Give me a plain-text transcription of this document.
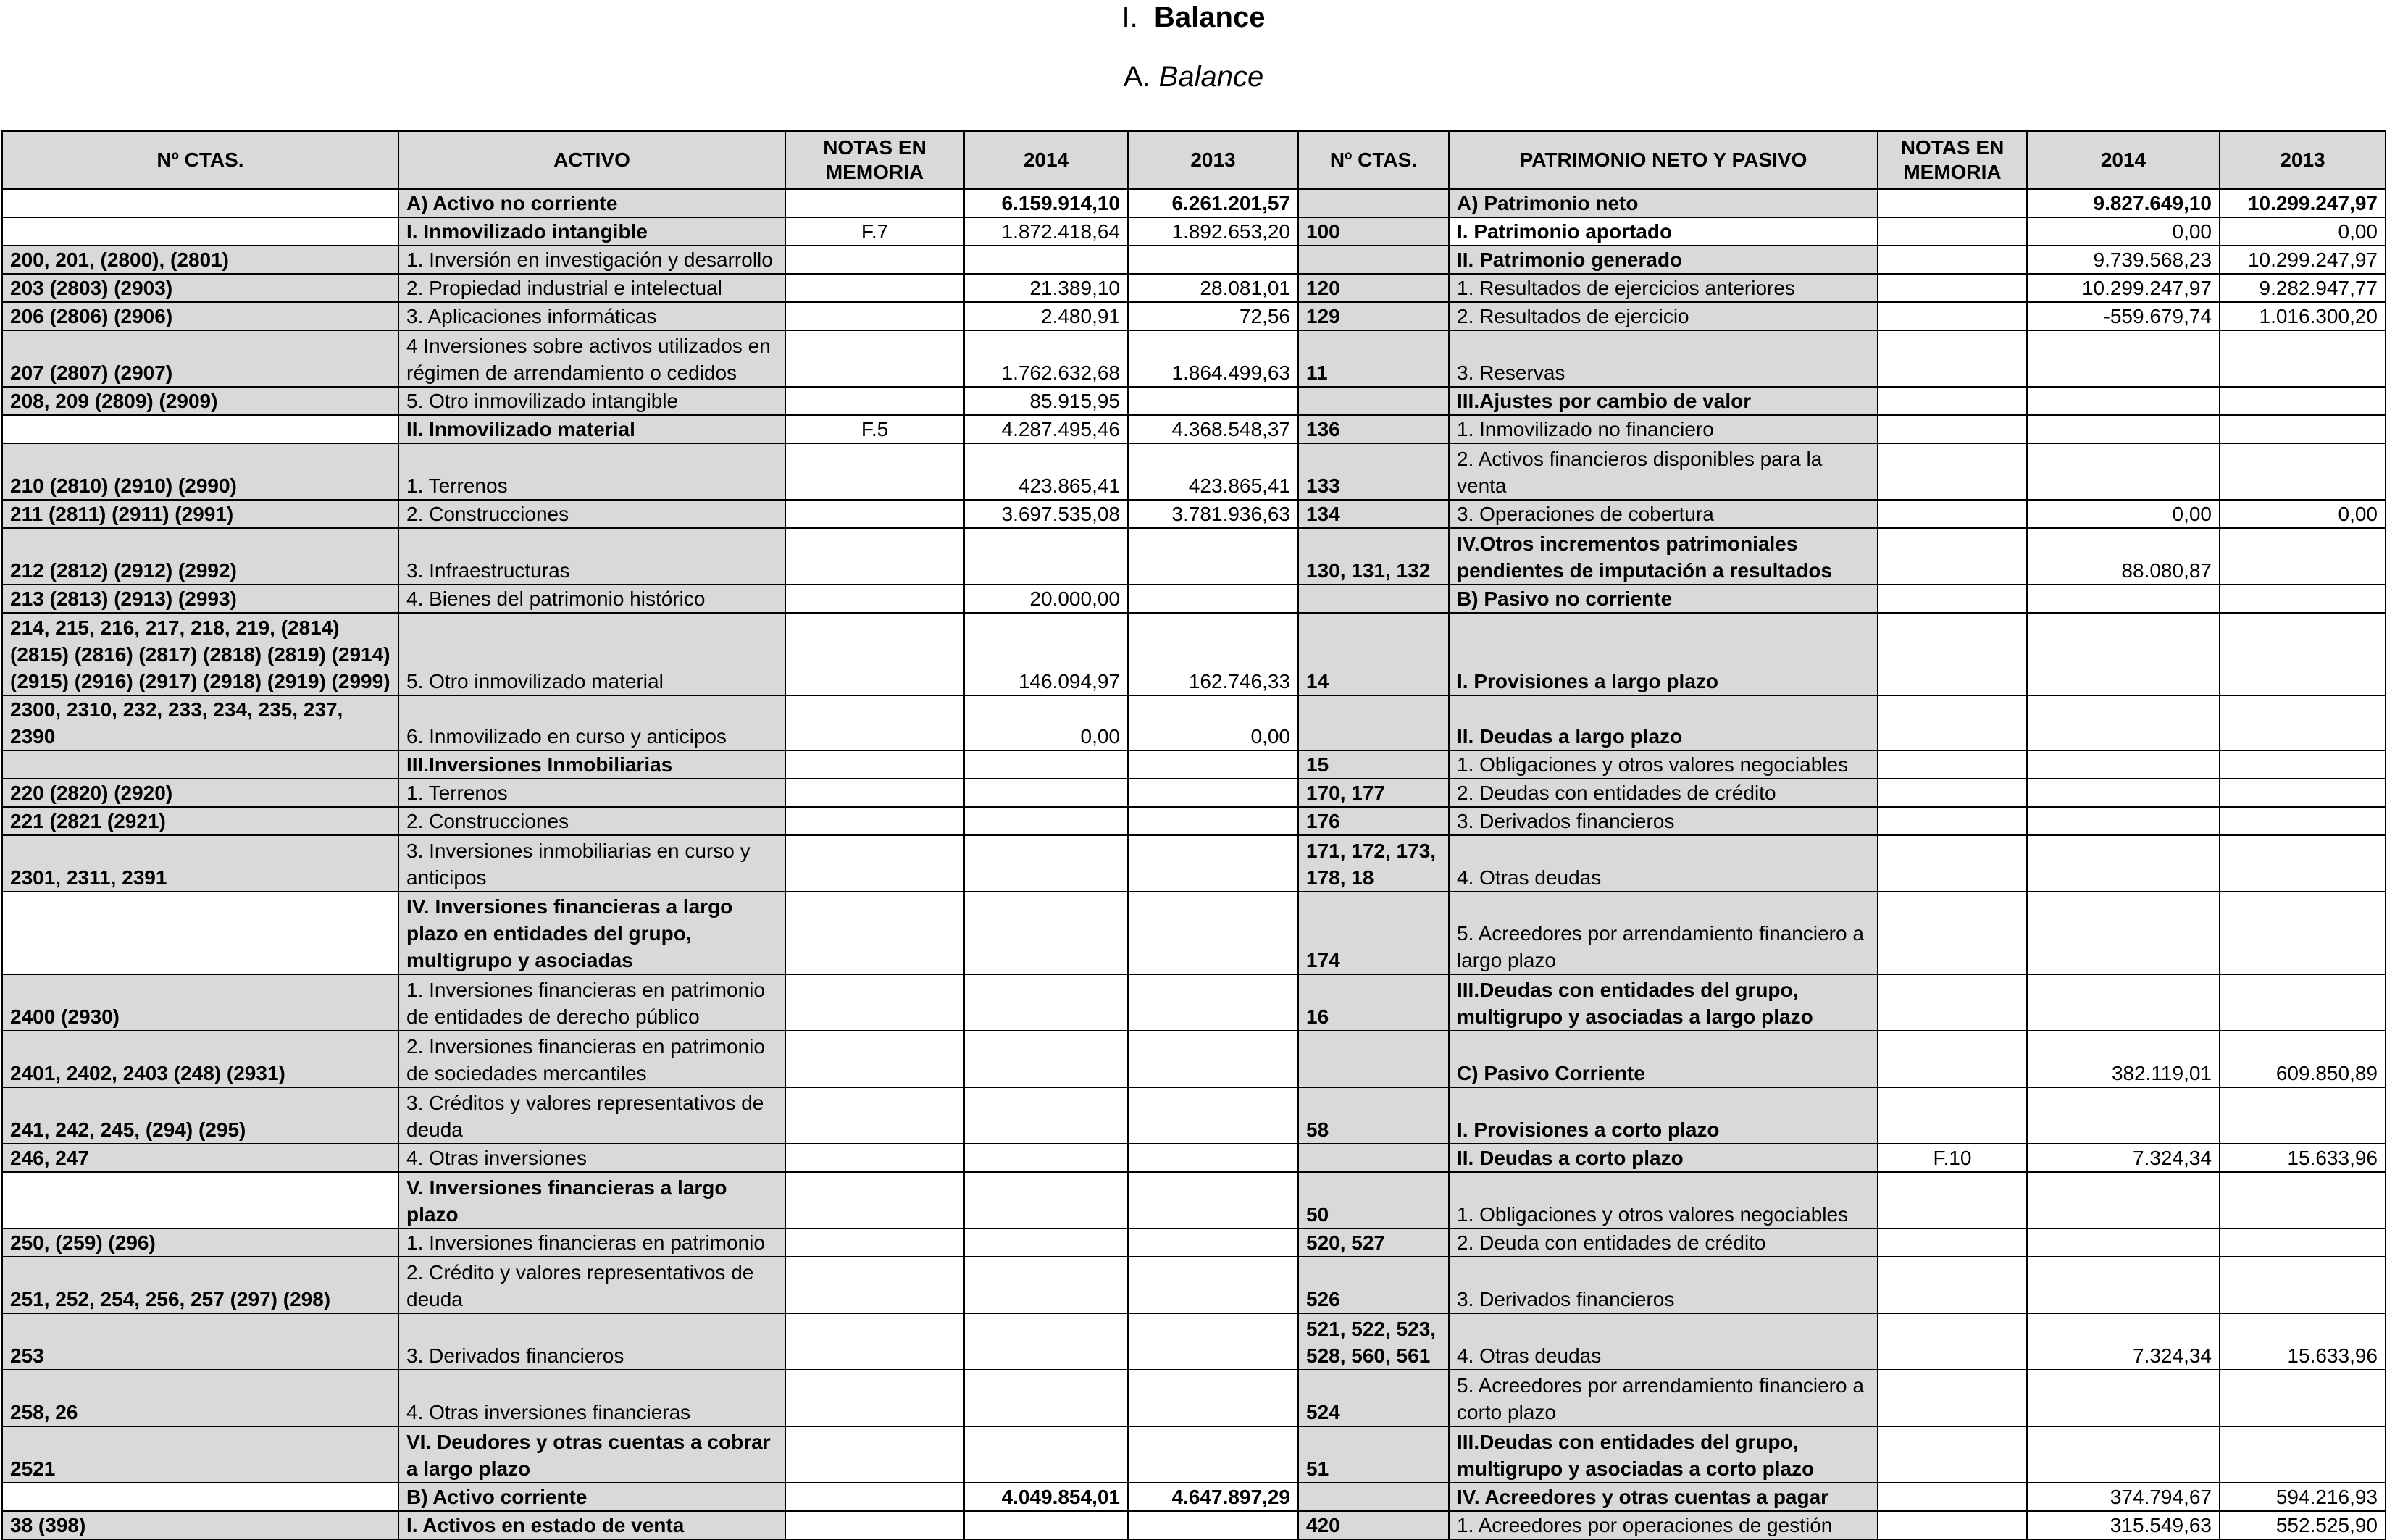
I. Balance
A. Balance
Nº CTAS.	ACTIVO	NOTAS EN MEMORIA	2014	2013	Nº CTAS.	PATRIMONIO NETO Y PASIVO	NOTAS EN MEMORIA	2014	2013
	A) Activo no corriente		6.159.914,10	6.261.201,57		A) Patrimonio neto		9.827.649,10	10.299.247,97
	I. Inmovilizado intangible	F.7	1.872.418,64	1.892.653,20	100	I. Patrimonio aportado		0,00	0,00
200, 201, (2800), (2801)	1. Inversión en investigación y desarrollo					II. Patrimonio generado		9.739.568,23	10.299.247,97
203 (2803) (2903)	2. Propiedad industrial e intelectual		21.389,10	28.081,01	120	1. Resultados de ejercicios anteriores		10.299.247,97	9.282.947,77
206 (2806) (2906)	3. Aplicaciones informáticas		2.480,91	72,56	129	2. Resultados de ejercicio		-559.679,74	1.016.300,20
207 (2807) (2907)	4 Inversiones sobre activos utilizados en régimen de arrendamiento o cedidos		1.762.632,68	1.864.499,63	11	3. Reservas			
208, 209 (2809) (2909)	5. Otro inmovilizado intangible		85.915,95			III.Ajustes por cambio de valor			
	II. Inmovilizado material	F.5	4.287.495,46	4.368.548,37	136	1. Inmovilizado no financiero			
210 (2810) (2910) (2990)	1. Terrenos		423.865,41	423.865,41	133	2. Activos financieros disponibles para la venta			
211 (2811) (2911) (2991)	2. Construcciones		3.697.535,08	3.781.936,63	134	3. Operaciones de cobertura		0,00	0,00
212 (2812) (2912) (2992)	3. Infraestructuras				130, 131, 132	IV.Otros incrementos patrimoniales pendientes de imputación a resultados		88.080,87	
213 (2813) (2913) (2993)	4. Bienes del patrimonio histórico		20.000,00			B) Pasivo no corriente			
214, 215, 216, 217, 218, 219, (2814) (2815) (2816) (2817) (2818) (2819) (2914) (2915) (2916) (2917) (2918) (2919) (2999)	5. Otro inmovilizado material		146.094,97	162.746,33	14	I. Provisiones a largo plazo			
2300, 2310, 232, 233, 234, 235, 237, 2390	6. Inmovilizado en curso y anticipos		0,00	0,00		II. Deudas a largo plazo			
	III.Inversiones Inmobiliarias				15	1. Obligaciones y otros valores negociables			
220 (2820) (2920)	1. Terrenos				170, 177	2. Deudas con entidades de crédito			
221 (2821 (2921)	2. Construcciones				176	3. Derivados financieros			
2301, 2311, 2391	3. Inversiones inmobiliarias en curso y anticipos				171, 172, 173, 178, 18	4. Otras deudas			
	IV. Inversiones financieras a largo plazo en entidades del grupo, multigrupo y asociadas				174	5. Acreedores por arrendamiento financiero a largo plazo			
2400 (2930)	1. Inversiones financieras en patrimonio de entidades de derecho público				16	III.Deudas con entidades del grupo, multigrupo y asociadas a largo plazo			
2401, 2402, 2403 (248) (2931)	2. Inversiones financieras en patrimonio de sociedades mercantiles					C) Pasivo Corriente		382.119,01	609.850,89
241, 242, 245, (294) (295)	3. Créditos y valores representativos de deuda				58	I. Provisiones a corto plazo			
246, 247	4. Otras inversiones					II. Deudas a corto plazo	F.10	7.324,34	15.633,96
	V. Inversiones financieras a largo plazo				50	1. Obligaciones y otros valores negociables			
250, (259) (296)	1. Inversiones financieras en patrimonio				520, 527	2. Deuda con entidades de crédito			
251, 252, 254, 256, 257 (297) (298)	2. Crédito y valores representativos de deuda				526	3. Derivados financieros			
253	3. Derivados financieros				521, 522, 523, 528, 560, 561	4. Otras deudas		7.324,34	15.633,96
258, 26	4. Otras inversiones financieras				524	5. Acreedores por arrendamiento financiero a corto plazo			
2521	VI. Deudores y otras cuentas a cobrar a largo plazo				51	III.Deudas con entidades del grupo, multigrupo y asociadas a corto plazo			
	B) Activo corriente		4.049.854,01	4.647.897,29		IV. Acreedores y otras cuentas a pagar		374.794,67	594.216,93
38 (398)	I. Activos en estado de venta				420	1. Acreedores por operaciones de gestión		315.549,63	552.525,90
